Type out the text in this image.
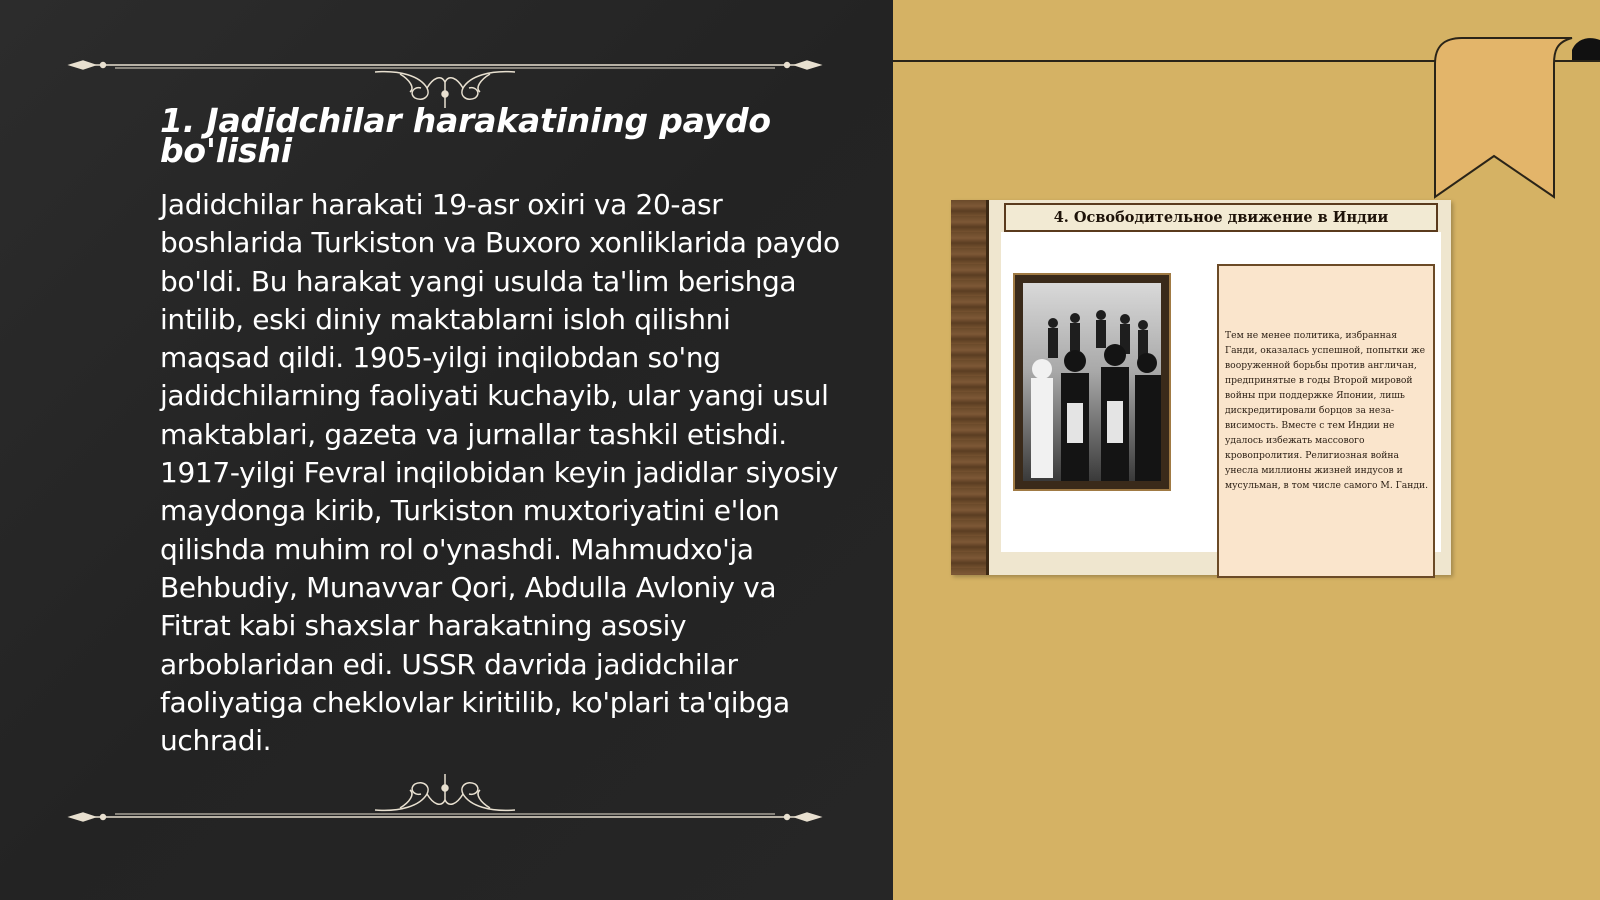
1. Jadidchilar harakatining paydo bo'lishi

Jadidchilar harakati 19-asr oxiri va 20-asr boshlarida Turkiston va Buxoro xonliklarida paydo bo'ldi. Bu harakat yangi usulda ta'lim berishga intilib, eski diniy maktablarni isloh qilishni maqsad qildi. 1905-yilgi inqilobdan so'ng jadidchilarning faoliyati kuchayib, ular yangi usul maktablari, gazeta va jurnallar tashkil etishdi. 1917-yilgi Fevral inqilobidan keyin jadidlar siyosiy maydonga kirib, Turkiston muxtoriyatini e'lon qilishda muhim rol o'ynashdi. Mahmudxo'ja Behbudiy, Munavvar Qori, Abdulla Avloniy va Fitrat kabi shaxslar harakatning asosiy arboblaridan edi. USSR davrida jadidchilar faoliyatiga cheklovlar kiritilib, ko'plari ta'qibga uchradi.

4. Освободительное движение в Индии
Тем не менее политика, избранная Ганди, оказалась успешной, попытки же вооруженной борьбы против англичан, предпринятые в годы Второй мировой войны при поддержке Японии, лишь дискредитировали борцов за неза-висимость. Вместе с тем Индии не удалось избежать массового кровопролития. Религиозная война унесла миллионы жизней индусов и мусульман, в том числе самого М. Ганди.
